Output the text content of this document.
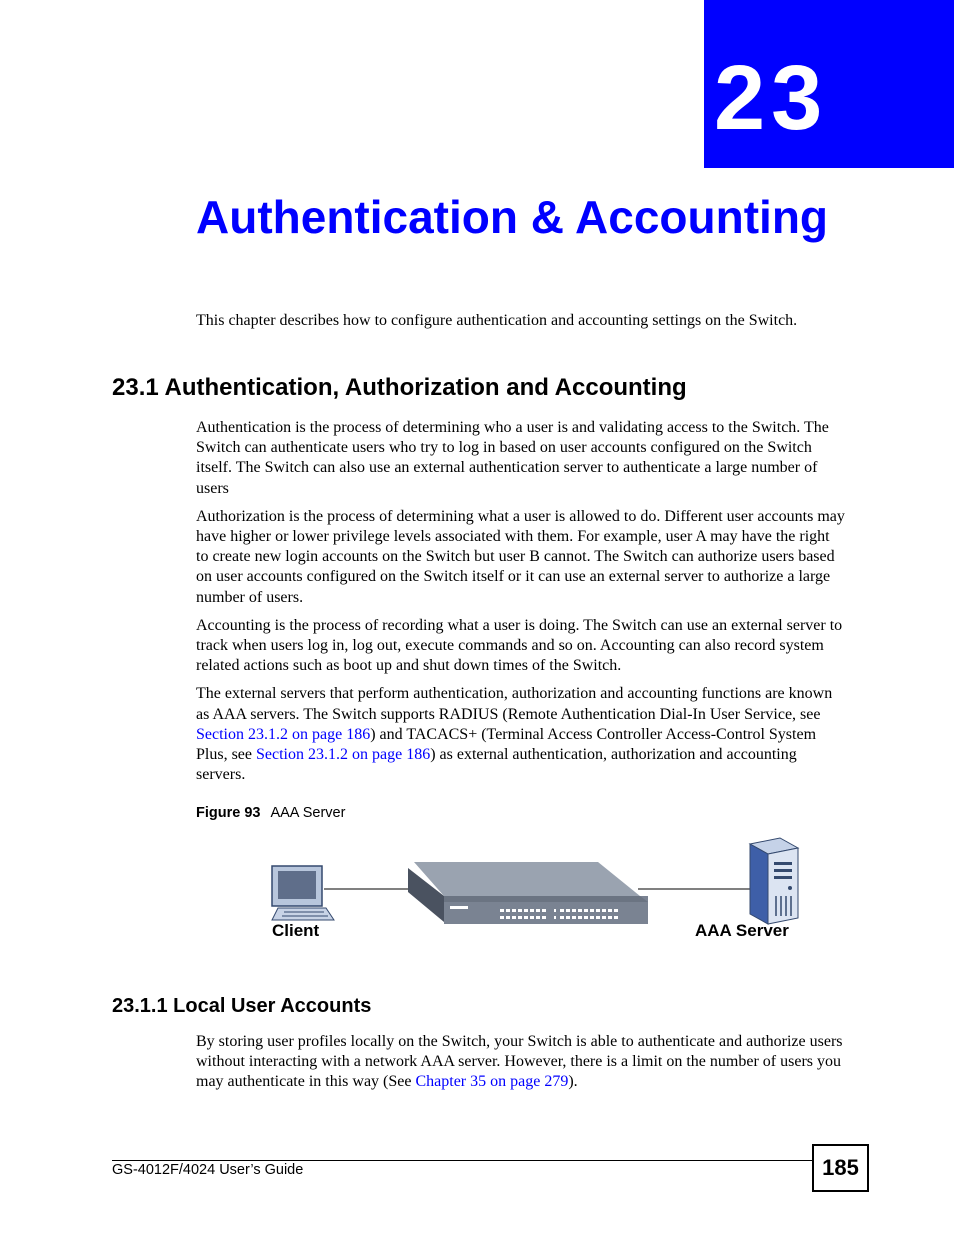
23
Authentication & Accounting

This chapter describes how to configure authentication and accounting settings on the Switch.

23.1 Authentication, Authorization and Accounting

Authentication is the process of determining who a user is and validating access to the Switch. The Switch can authenticate users who try to log in based on user accounts configured on the Switch itself. The Switch can also use an external authentication server to authenticate a large number of users

Authorization is the process of determining what a user is allowed to do. Different user accounts may have higher or lower privilege levels associated with them. For example, user A may have the right to create new login accounts on the Switch but user B cannot. The Switch can authorize users based on user accounts configured on the Switch itself or it can use an external server to authorize a large number of users.

Accounting is the process of recording what a user is doing. The Switch can use an external server to track when users log in, log out, execute commands and so on. Accounting can also record system related actions such as boot up and shut down times of the Switch.

The external servers that perform authentication, authorization and accounting functions are known as AAA servers. The Switch supports RADIUS (Remote Authentication Dial-In User Service, see Section 23.1.2 on page 186) and TACACS+ (Terminal Access Controller Access-Control System Plus, see Section 23.1.2 on page 186) as external authentication, authorization and accounting servers.

Figure 93 AAA Server

Client	AAA Server
23.1.1 Local User Accounts

By storing user profiles locally on the Switch, your Switch is able to authenticate and authorize users without interacting with a network AAA server. However, there is a limit on the number of users you may authenticate in this way (See Chapter 35 on page 279).

GS-4012F/4024 User’s Guide	185
